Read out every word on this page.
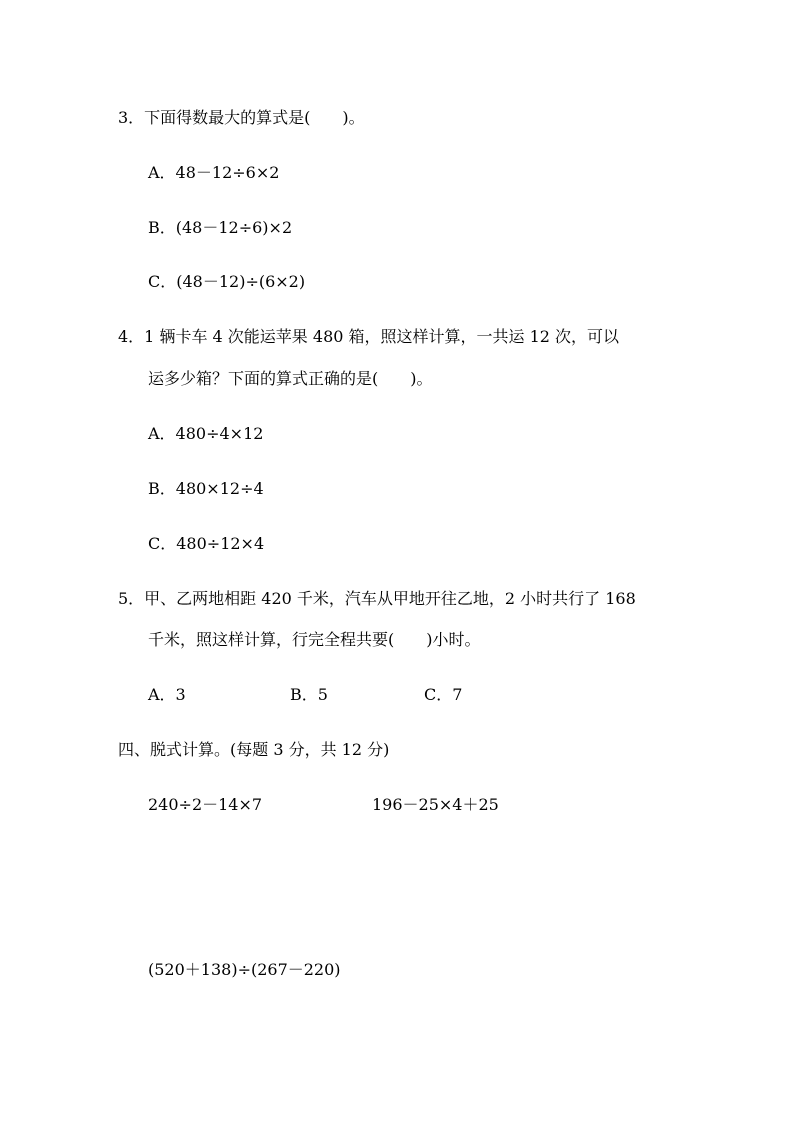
3．下面得数最大的算式是(　　)。

A．48－12÷6×2

B．(48－12÷6)×2

C．(48－12)÷(6×2)

4．1 辆卡车 4 次能运苹果 480 箱，照这样计算，一共运 12 次，可以

运多少箱？下面的算式正确的是(　　)。

A．480÷4×12

B．480×12÷4

C．480÷12×4

5．甲、乙两地相距 420 千米，汽车从甲地开往乙地，2 小时共行了 168

千米，照这样计算，行完全程共要(　　)小时。

A．3	B．5	C．7

四、脱式计算。(每题 3 分，共 12 分)

240÷2－14×7	196－25×4＋25

(520＋138)÷(267－220)
